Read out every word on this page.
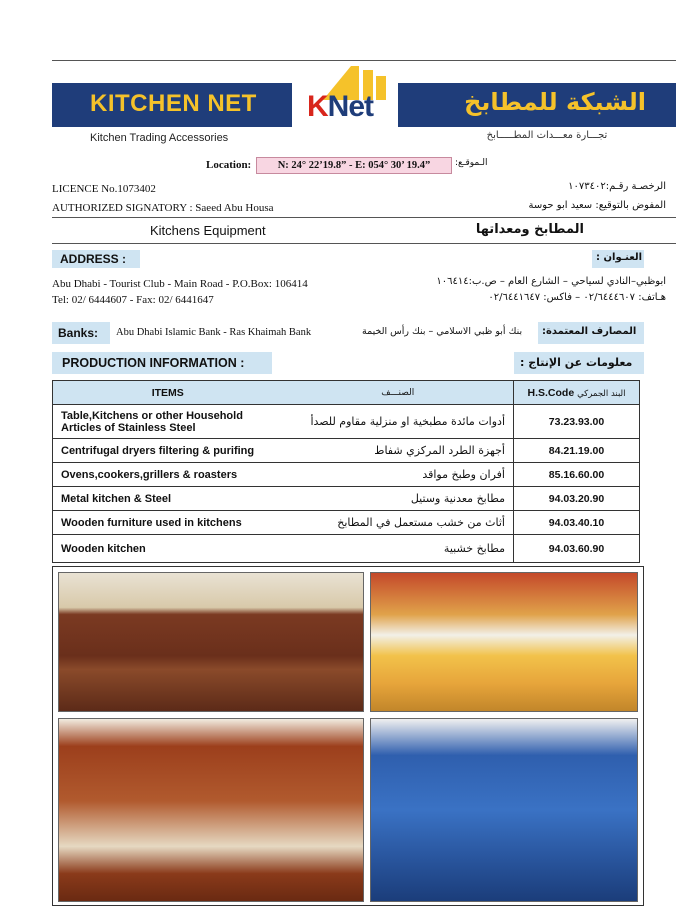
KITCHEN NET
Kitchen Trading Accessories
KNet	الشبكة للمطابخ
تجـــارة معـــدات المطـــــابخ
Location:	N: 24° 22’19.8” - E: 054° 30’ 19.4”	الـموقـع:
LICENCE No.1073402
AUTHORIZED SIGNATORY : Saeed Abu Housa
الرخصـة رقـم:١٠٧٣٤٠٢
المفوض بالتوقيع: سعيد ابو حوسة
Kitchens Equipment	المطابخ ومعداتها
ADDRESS :	العنـوان :
Abu Dhabi - Tourist Club - Main Road - P.O.Box: 106414
Tel: 02/ 6444607 - Fax: 02/ 6441647
ابوظبي–النادي لسياحي – الشارع العام – ص.ب:١٠٦٤١٤
هـاتف: ٠٢/٦٤٤٤٦٠٧ – فاكس: ٠٢/٦٤٤١٦٤٧
Banks: Abu Dhabi Islamic Bank - Ras Khaimah Bank	بنك أبو ظبي الاسلامي – بنك رأس الخيمة المصارف المعتمدة:
PRODUCTION INFORMATION :	معلومات عن الإنتاج :
ITEMS	الصنـــف	H.S.Code البند الجمركي
Table,Kitchens or other Household Articles of Stainless Steel	أدوات مائدة مطبخية او منزلية مقاوم للصدأ	73.23.93.00
Centrifugal dryers filtering & purifing	أجهزة الطرد المركزي شفاط	84.21.19.00
Ovens,cookers,grillers & roasters	أفران وطبخ مواقد	85.16.60.00
Metal kitchen & Steel	مطابخ معدنية وستيل	94.03.20.90
Wooden furniture used in kitchens	أثاث من خشب مستعمل في المطابخ	94.03.40.10
Wooden kitchen	مطابخ خشبية	94.03.60.90
